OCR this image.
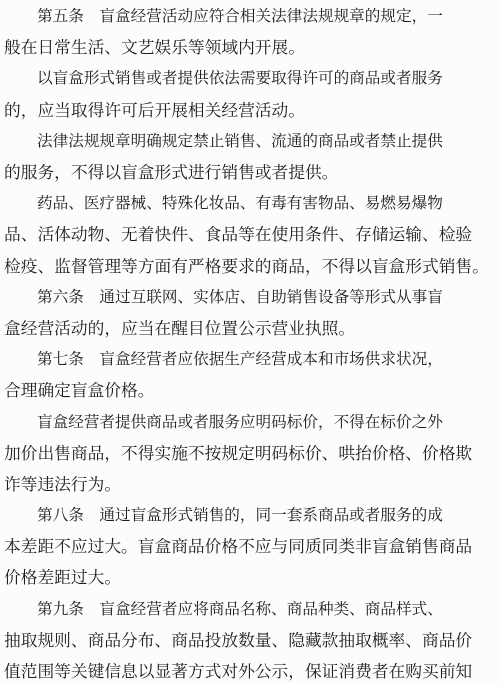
第五条　盲盒经营活动应符合相关法律法规规章的规定，一
般在日常生活、文艺娱乐等领域内开展。
以盲盒形式销售或者提供依法需要取得许可的商品或者服务
的，应当取得许可后开展相关经营活动。
法律法规规章明确规定禁止销售、流通的商品或者禁止提供
的服务，不得以盲盒形式进行销售或者提供。
药品、医疗器械、特殊化妆品、有毒有害物品、易燃易爆物
品、活体动物、无着快件、食品等在使用条件、存储运输、检验
检疫、监督管理等方面有严格要求的商品，不得以盲盒形式销售。
第六条　通过互联网、实体店、自助销售设备等形式从事盲
盒经营活动的，应当在醒目位置公示营业执照。
第七条　盲盒经营者应依据生产经营成本和市场供求状况，
合理确定盲盒价格。
盲盒经营者提供商品或者服务应明码标价，不得在标价之外
加价出售商品，不得实施不按规定明码标价、哄抬价格、价格欺
诈等违法行为。
第八条　通过盲盒形式销售的，同一套系商品或者服务的成
本差距不应过大。盲盒商品价格不应与同质同类非盲盒销售商品
价格差距过大。
第九条　盲盒经营者应将商品名称、商品种类、商品样式、
抽取规则、商品分布、商品投放数量、隐藏款抽取概率、商品价
值范围等关键信息以显著方式对外公示，保证消费者在购买前知
